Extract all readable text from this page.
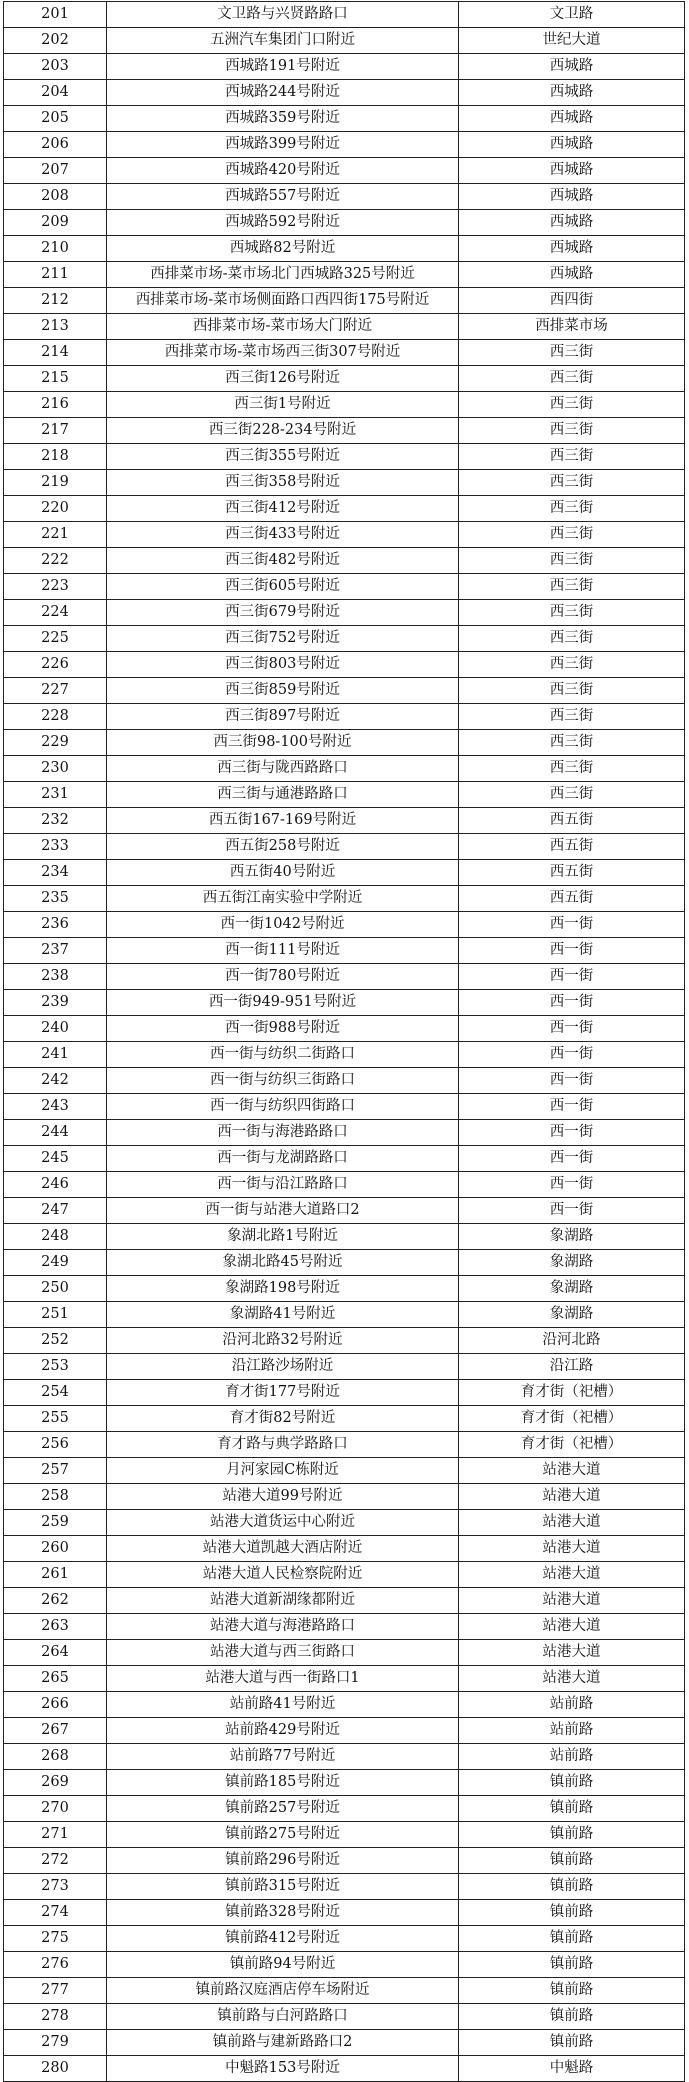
201	文卫路与兴贤路路口	文卫路
202	五洲汽车集团门口附近	世纪大道
203	西城路191号附近	西城路
204	西城路244号附近	西城路
205	西城路359号附近	西城路
206	西城路399号附近	西城路
207	西城路420号附近	西城路
208	西城路557号附近	西城路
209	西城路592号附近	西城路
210	西城路82号附近	西城路
211	西排菜市场-菜市场北门西城路325号附近	西城路
212	西排菜市场-菜市场侧面路口西四街175号附近	西四街
213	西排菜市场-菜市场大门附近	西排菜市场
214	西排菜市场-菜市场西三街307号附近	西三街
215	西三街126号附近	西三街
216	西三街1号附近	西三街
217	西三街228-234号附近	西三街
218	西三街355号附近	西三街
219	西三街358号附近	西三街
220	西三街412号附近	西三街
221	西三街433号附近	西三街
222	西三街482号附近	西三街
223	西三街605号附近	西三街
224	西三街679号附近	西三街
225	西三街752号附近	西三街
226	西三街803号附近	西三街
227	西三街859号附近	西三街
228	西三街897号附近	西三街
229	西三街98-100号附近	西三街
230	西三街与陇西路路口	西三街
231	西三街与通港路路口	西三街
232	西五街167-169号附近	西五街
233	西五街258号附近	西五街
234	西五街40号附近	西五街
235	西五街江南实验中学附近	西五街
236	西一街1042号附近	西一街
237	西一街111号附近	西一街
238	西一街780号附近	西一街
239	西一街949-951号附近	西一街
240	西一街988号附近	西一街
241	西一街与纺织二街路口	西一街
242	西一街与纺织三街路口	西一街
243	西一街与纺织四街路口	西一街
244	西一街与海港路路口	西一街
245	西一街与龙湖路路口	西一街
246	西一街与沿江路路口	西一街
247	西一街与站港大道路口2	西一街
248	象湖北路1号附近	象湖路
249	象湖北路45号附近	象湖路
250	象湖路198号附近	象湖路
251	象湖路41号附近	象湖路
252	沿河北路32号附近	沿河北路
253	沿江路沙场附近	沿江路
254	育才街177号附近	育才街（祀槽）
255	育才街82号附近	育才街（祀槽）
256	育才路与典学路路口	育才街（祀槽）
257	月河家园C栋附近	站港大道
258	站港大道99号附近	站港大道
259	站港大道货运中心附近	站港大道
260	站港大道凯越大酒店附近	站港大道
261	站港大道人民检察院附近	站港大道
262	站港大道新湖缘都附近	站港大道
263	站港大道与海港路路口	站港大道
264	站港大道与西三街路口	站港大道
265	站港大道与西一街路口1	站港大道
266	站前路41号附近	站前路
267	站前路429号附近	站前路
268	站前路77号附近	站前路
269	镇前路185号附近	镇前路
270	镇前路257号附近	镇前路
271	镇前路275号附近	镇前路
272	镇前路296号附近	镇前路
273	镇前路315号附近	镇前路
274	镇前路328号附近	镇前路
275	镇前路412号附近	镇前路
276	镇前路94号附近	镇前路
277	镇前路汉庭酒店停车场附近	镇前路
278	镇前路与白河路路口	镇前路
279	镇前路与建新路路口2	镇前路
280	中魁路153号附近	中魁路
